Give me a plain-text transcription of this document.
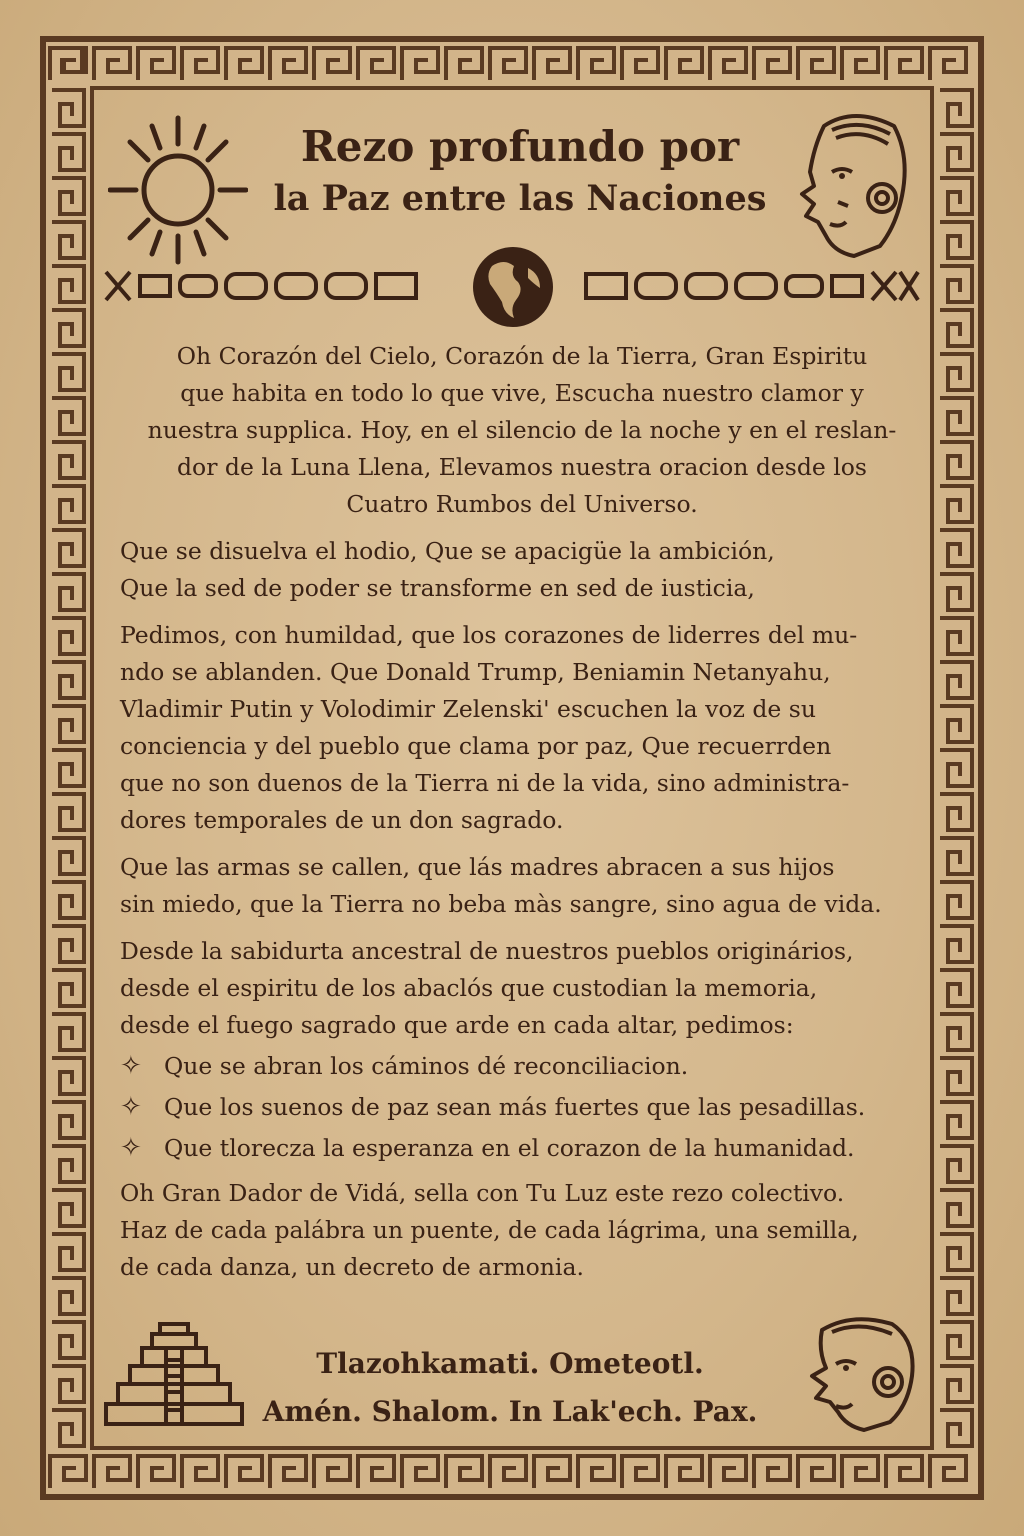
Rezo profundo por
la Paz entre las Naciones
Oh Corazón del Cielo, Corazón de la Tierra, Gran Espiritu
que habita en todo lo que vive, Escucha nuestro clamor y
nuestra supplica. Hoy, en el silencio de la noche y en el reslan-
dor de la Luna Llena, Elevamos nuestra oracion desde los
Cuatro Rumbos del Universo.
Que se disuelva el hodio, Que se apacigüe la ambición,
Que la sed de poder se transforme en sed de iusticia,
Pedimos, con humildad, que los corazones de liderres del mu-
ndo se ablanden. Que Donald Trump, Beniamin Netanyahu,
Vladimir Putin y Volodimir Zelenski' escuchen la voz de su
conciencia y del pueblo que clama por paz, Que recuerrden
que no son duenos de la Tierra ni de la vida, sino administra-
dores temporales de un don sagrado.
Que las armas se callen, que lás madres abracen a sus hijos
sin miedo, que la Tierra no beba màs sangre, sino agua de vida.
Desde la sabidurta ancestral de nuestros pueblos originários,
desde el espiritu de los abaclós que custodian la memoria,
desde el fuego sagrado que arde en cada altar, pedimos:
✧ Que se abran los cáminos dé reconciliacion.
✧ Que los suenos de paz sean más fuertes que las pesadillas.
✧ Que tlorecza la esperanza en el corazon de la humanidad.
Oh Gran Dador de Vidá, sella con Tu Luz este rezo colectivo.
Haz de cada palábra un puente, de cada lágrima, una semilla,
de cada danza, un decreto de armonia.
Tlazohkamati. Ometeotl.
Amén. Shalom. In Lak'ech. Pax.
